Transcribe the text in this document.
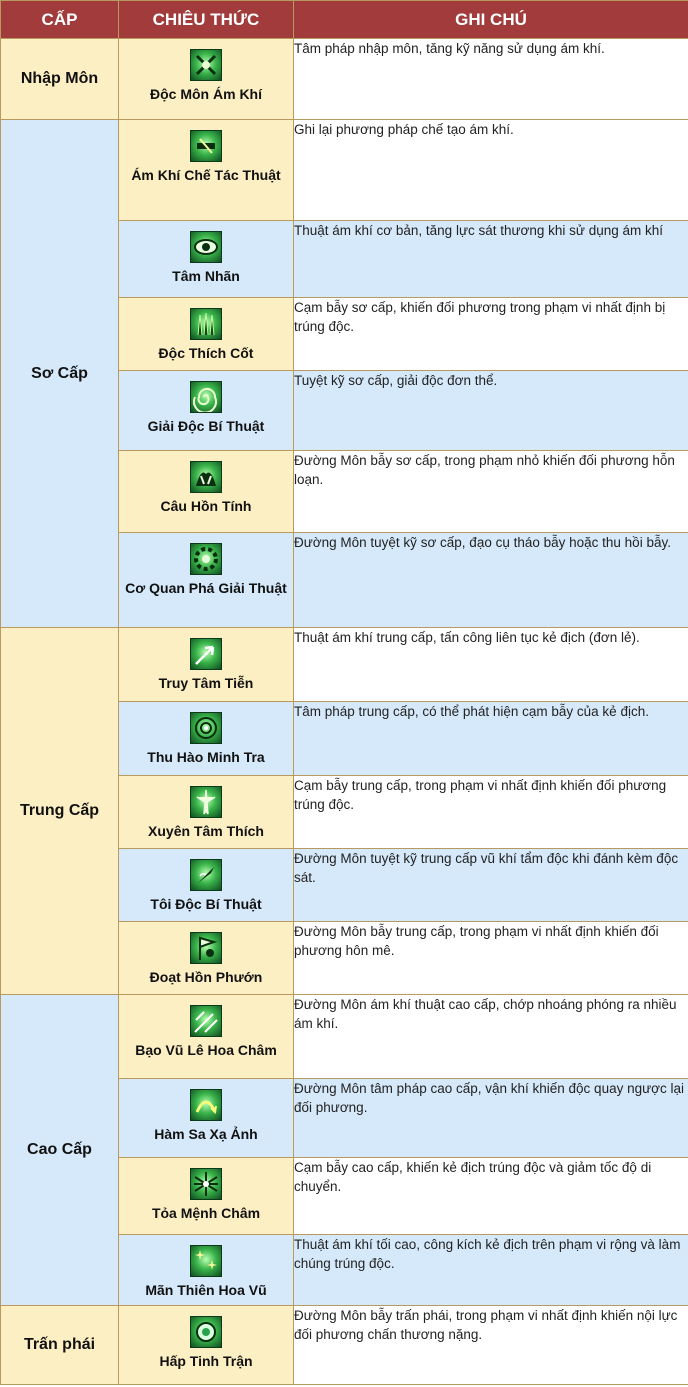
CẤP	CHIÊU THỨC	GHI CHÚ
Nhập Môn	Độc Môn Ám Khí	Tâm pháp nhập môn, tăng kỹ năng sử dụng ám khí.
Sơ Cấp	Ám Khí Chế Tác Thuật	Ghi lại phương pháp chế tạo ám khí.

	Tâm Nhãn	Thuật ám khí cơ bản, tăng lực sát thương khi sử dụng ám khí

	Độc Thích Cốt	Cạm bẫy sơ cấp, khiến đối phương trong phạm vi nhất định bị trúng độc.

	Giải Độc Bí Thuật	Tuyệt kỹ sơ cấp, giải độc đơn thể.

	Câu Hồn Tính	Đường Môn bẫy sơ cấp, trong phạm nhỏ khiến đối phương hỗn loạn.

	Cơ Quan Phá Giải Thuật	Đường Môn tuyệt kỹ sơ cấp, đạo cụ tháo bẫy hoặc thu hồi bẫy.
Trung Cấp	Truy Tâm Tiễn	Thuật ám khí trung cấp, tấn công liên tục kẻ địch (đơn lẻ).

	Thu Hào Minh Tra	Tâm pháp trung cấp, có thể phát hiện cạm bẫy của kẻ địch.

	Xuyên Tâm Thích	Cạm bẫy trung cấp, trong phạm vi nhất định khiến đối phương trúng độc.

	Tôi Độc Bí Thuật	Đường Môn tuyệt kỹ trung cấp vũ khí tẩm độc khi đánh kèm độc sát.

	Đoạt Hồn Phướn	Đường Môn bẫy trung cấp, trong phạm vi nhất định khiến đối phương hôn mê.
Cao Cấp	Bạo Vũ Lê Hoa Châm	Đường Môn ám khí thuật cao cấp, chớp nhoáng phóng ra nhiều ám khí.

	Hàm Sa Xạ Ảnh	Đường Môn tâm pháp cao cấp, vận khí khiến độc quay ngược lại đối phương.

	Tỏa Mệnh Châm	Cạm bẫy cao cấp, khiến kẻ địch trúng độc và giảm tốc độ di chuyển.

	Mãn Thiên Hoa Vũ	Thuật ám khí tối cao, công kích kẻ địch trên phạm vi rộng và làm chúng trúng độc.
Trấn phái	Hấp Tinh Trận	Đường Môn bẫy trấn phái, trong phạm vi nhất định khiến nội lực đối phương chấn thương nặng.
